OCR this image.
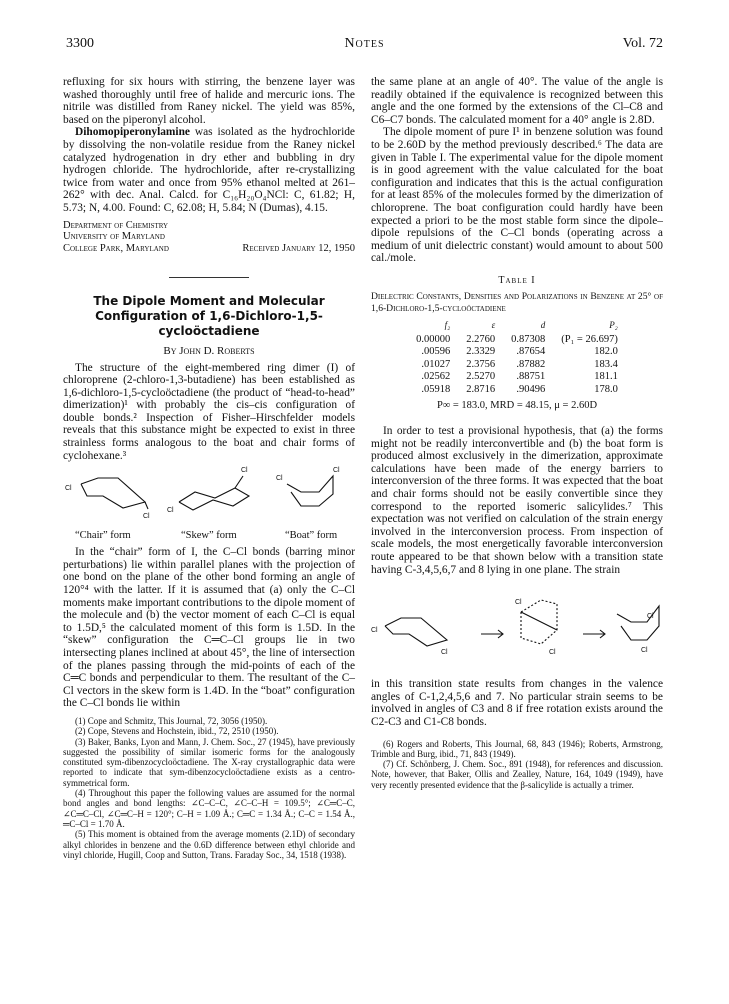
3300	Notes	Vol. 72

refluxing for six hours with stirring, the benzene layer was washed thoroughly until free of halide and mercuric ions. The nitrile was distilled from Raney nickel. The yield was 85%, based on the piperonyl alcohol.

Dihomopiperonylamine was isolated as the hydrochloride by dissolving the non-volatile residue from the Raney nickel catalyzed hydrogenation in dry ether and bubbling in dry hydrogen chloride. The hydrochloride, after re-crystallizing twice from water and once from 95% ethanol melted at 261–262° with dec. Anal. Calcd. for C₁₆H₂₀O₄NCl: C, 61.82; H, 5.73; N, 4.00. Found: C, 62.08; H, 5.84; N (Dumas), 4.15.

Department of Chemistry
University of Maryland
College Park, Maryland	Received January 12, 1950
The Dipole Moment and Molecular Configuration of 1,6-Dichloro-1,5-cycloöctadiene
By John D. Roberts

The structure of the eight-membered ring dimer (I) of chloroprene (2-chloro-1,3-butadiene) has been established as 1,6-dichloro-1,5-cycloöctadiene (the product of “head-to-head” dimerization)¹ with probably the cis–cis configuration of double bonds.² Inspection of Fisher–Hirschfelder models reveals that this substance might be expected to exist in three strainless forms analogous to the boat and chair forms of cyclohexane.³

Cl
Cl
Cl
Cl
Cl
Cl
“Chair” form	“Skew” form	“Boat” form

In the “chair” form of I, the C–Cl bonds (barring minor perturbations) lie within parallel planes with the projection of one bond on the plane of the other bond forming an angle of 120°⁴ with the latter. If it is assumed that (a) only the C–Cl moments make important contributions to the dipole moment of the molecule and (b) the vector moment of each C–Cl is equal to 1.5D,⁵ the calculated moment of this form is 1.5D. In the “skew” configuration the C═C–Cl groups lie in two intersecting planes inclined at about 45°, the line of intersection of the planes passing through the mid-points of each of the C═C bonds and perpendicular to them. The resultant of the C–Cl vectors in the skew form is 1.4D. In the “boat” configuration the C–Cl bonds lie within

(1) Cope and Schmitz, This Journal, 72, 3056 (1950).

(2) Cope, Stevens and Hochstein, ibid., 72, 2510 (1950).

(3) Baker, Banks, Lyon and Mann, J. Chem. Soc., 27 (1945), have previously suggested the possibility of similar isomeric forms for the analogously constituted sym-dibenzocycloöctadiene. The X-ray crystallographic data were reported to indicate that sym-dibenzocycloöctadiene exists as a centro-symmetrical form.

(4) Throughout this paper the following values are assumed for the normal bond angles and bond lengths: ∠C–C–C, ∠C–C–H = 109.5°; ∠C═C–C, ∠C═C–Cl, ∠C═C–H = 120°; C–H = 1.09 Å.; C═C = 1.34 Å.; C–C = 1.54 Å., ═C–Cl = 1.70 Å.

(5) This moment is obtained from the average moments (2.1D) of secondary alkyl chlorides in benzene and the 0.6D difference between ethyl chloride and vinyl chloride, Hugill, Coop and Sutton, Trans. Faraday Soc., 34, 1518 (1938).

the same plane at an angle of 40°. The value of the angle is readily obtained if the equivalence is recognized between this angle and the one formed by the extensions of the Cl–C8 and C6–C7 bonds. The calculated moment for a 40° angle is 2.8D.

The dipole moment of pure I¹ in benzene solution was found to be 2.60D by the method previously described.⁶ The data are given in Table I. The experimental value for the dipole moment is in good agreement with the value calculated for the boat configuration and indicates that this is the actual configuration for at least 85% of the molecules formed by the dimerization of chloroprene. The boat configuration could hardly have been expected a priori to be the most stable form since the dipole–dipole repulsions of the C–Cl bonds (operating across a medium of unit dielectric constant) would amount to about 500 cal./mole.

Table I
Dielectric Constants, Densities and Polarizations in Benzene at 25° of 1,6-Dichloro-1,5-cycloöctadiene
f₂	ε	d	P₂
0.00000	2.2760	0.87308	(P₁ = 26.697)
.00596	2.3329	.87654	182.0
.01027	2.3756	.87882	183.4
.02562	2.5270	.88751	181.1
.05918	2.8716	.90496	178.0
P∞ = 183.0, MRD = 48.15, μ = 2.60D

In order to test a provisional hypothesis, that (a) the forms might not be readily interconvertible and (b) the boat form is produced almost exclusively in the dimerization, approximate calculations have been made of the energy barriers to interconversion of the three forms. It was expected that the boat and chair forms should not be easily convertible since they correspond to the reported isomeric salicylides.⁷ This expectation was not verified on calculation of the strain energy involved in the interconversion process. From inspection of scale models, the most energetically favorable interconversion route appeared to be that shown below with a transition state having C-3,4,5,6,7 and 8 lying in one plane. The strain

Cl
Cl
Cl
Cl
Cl
Cl

in this transition state results from changes in the valence angles of C-1,2,4,5,6 and 7. No particular strain seems to be involved in angles of C3 and 8 if free rotation exists around the C2-C3 and C1-C8 bonds.

(6) Rogers and Roberts, This Journal, 68, 843 (1946); Roberts, Armstrong, Trimble and Burg, ibid., 71, 843 (1949).

(7) Cf. Schönberg, J. Chem. Soc., 891 (1948), for references and discussion. Note, however, that Baker, Ollis and Zealley, Nature, 164, 1049 (1949), have very recently presented evidence that the β-salicylide is actually a trimer.
